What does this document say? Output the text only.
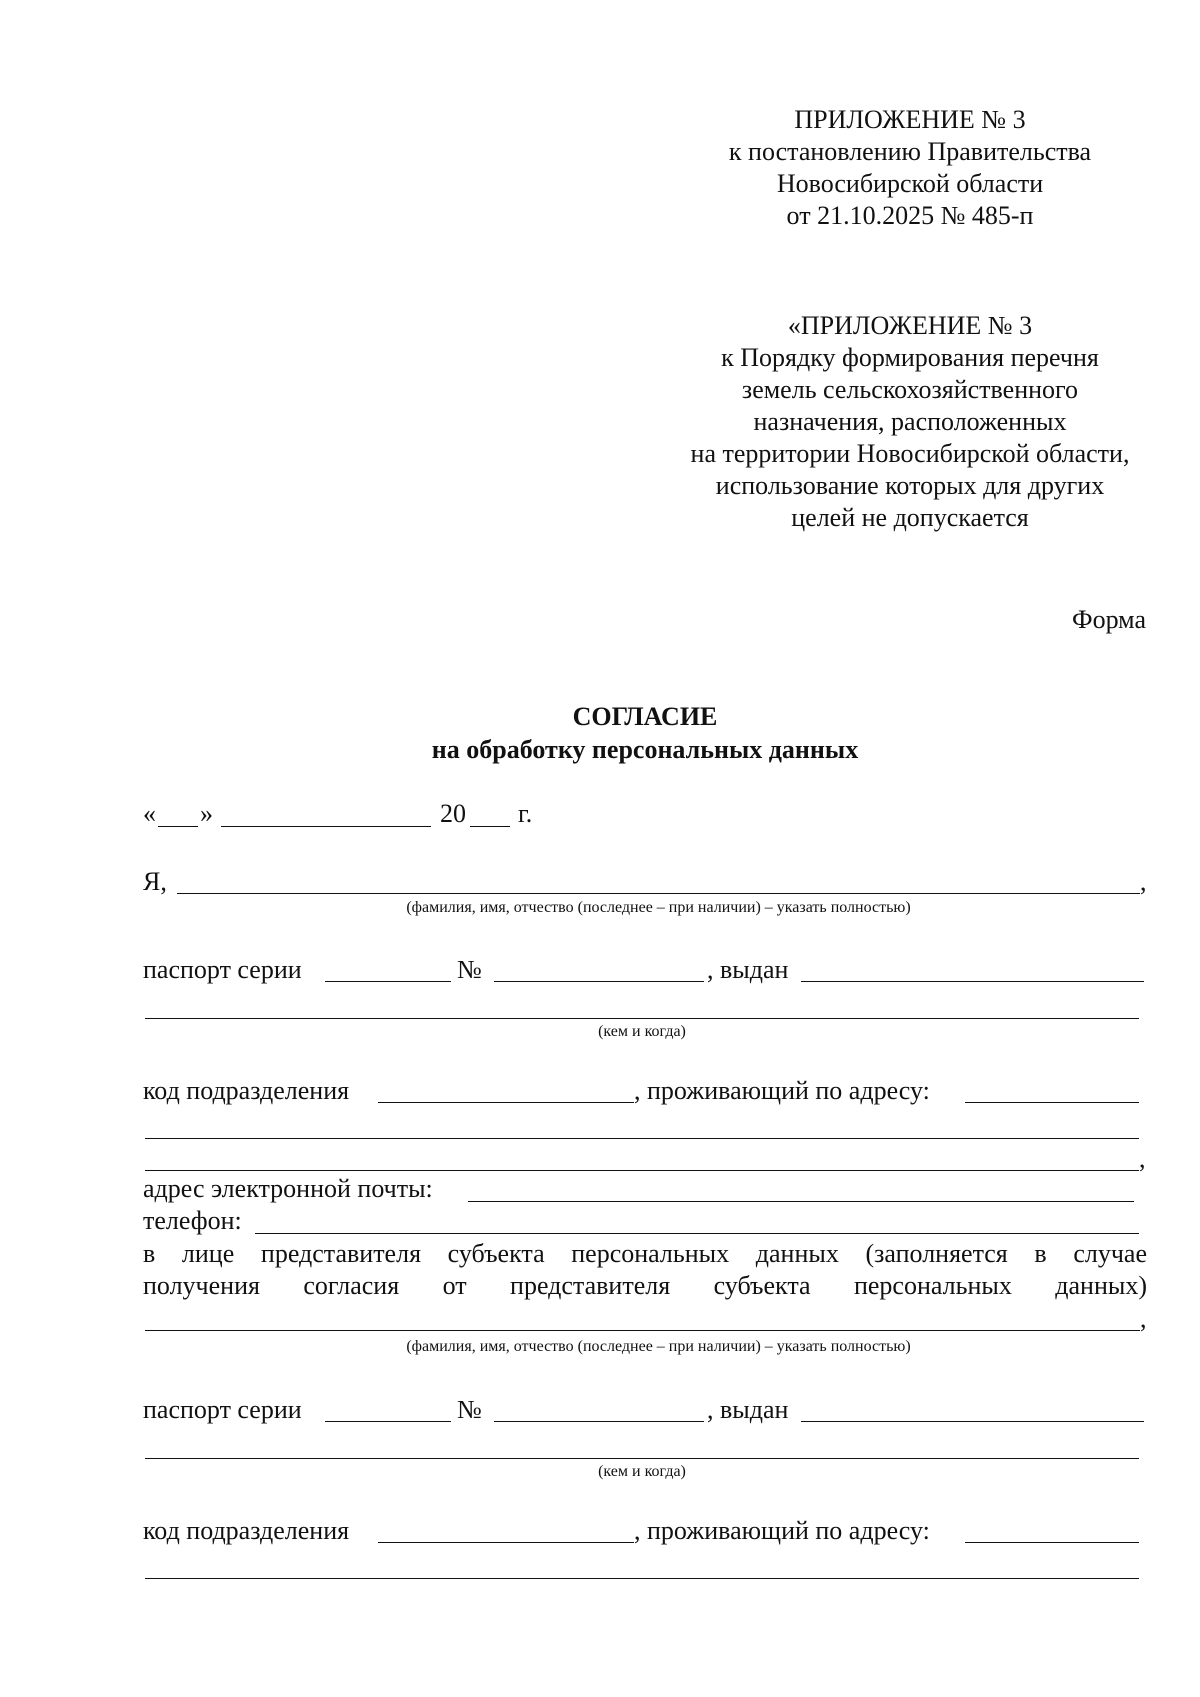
ПРИЛОЖЕНИЕ № 3
к постановлению Правительства
Новосибирской области
от 21.10.2025 № 485-п
«ПРИЛОЖЕНИЕ № 3
к Порядку формирования перечня
земель сельскохозяйственного
назначения, расположенных
на территории Новосибирской области,
использование которых для других
целей не допускается
Форма
СОГЛАСИЕ
на обработку персональных данных
« »	20 г.
Я,	,
(фамилия, имя, отчество (последнее – при наличии) – указать полностью)
паспорт серии	№	, выдан
(кем и когда)
код подразделения	, проживающий по адресу:
,
адрес электронной почты:
телефон:
в лице представителя субъекта персональных данных (заполняется в случае
получения согласия от представителя субъекта персональных данных)
,
(фамилия, имя, отчество (последнее – при наличии) – указать полностью)
паспорт серии	№	, выдан
(кем и когда)
код подразделения	, проживающий по адресу:
